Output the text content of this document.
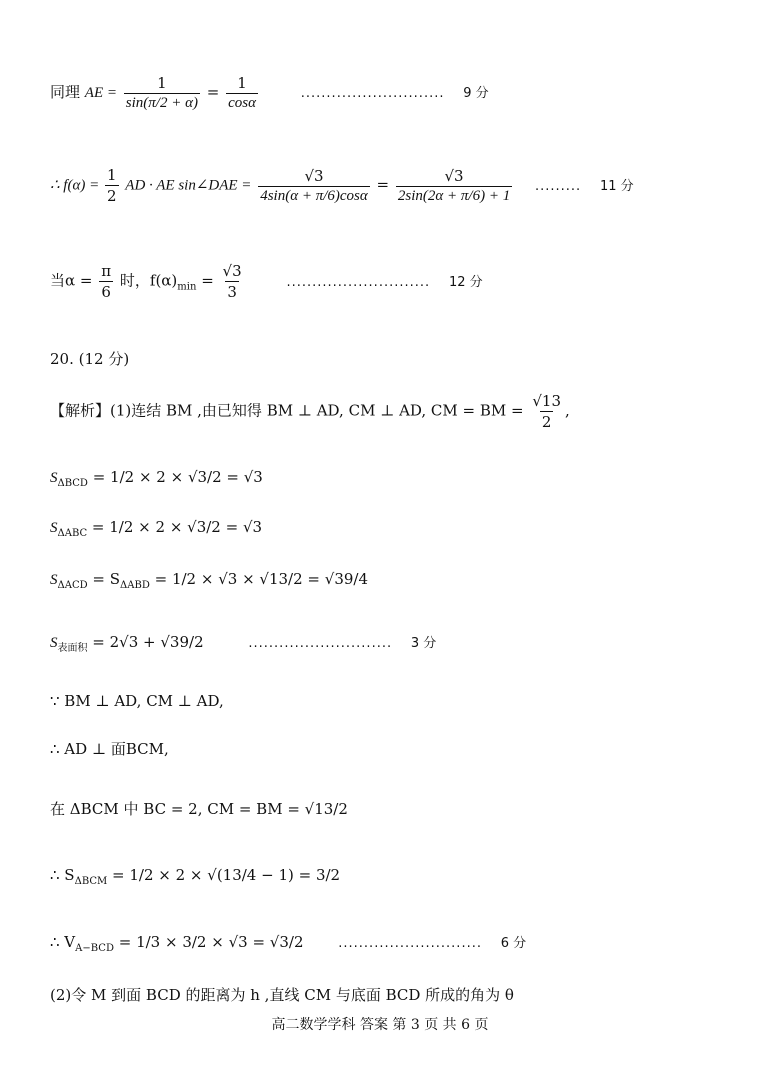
同理 AE = $\frac{1}{\sin(\pi/2 + \alpha)} = \frac{1}{\cos\alpha}$	............................ 9 分
∴ $f(\alpha) = \frac{1}{2}$ AD · AE sin∠DAE = $\frac{√3}{4\sin(\alpha + \pi/6)\cos\alpha} = \frac{√3}{2\sin(2\alpha + \pi/6) + 1}$ ......... 11 分
当$\alpha = \frac{\pi}{6}$ 时，$f(\alpha)_{min} = \frac{√3}{3}$	............................ 12 分
20. (12 分)
【解析】(1)连结 BM ,由已知得 BM ⊥ AD, CM ⊥ AD, CM = BM = $\frac{√13}{2}$ ,
$S_{\Delta BCD} = 1/2 \times 2 \times √3/2 = √3$
$S_{\Delta ABC} = 1/2 \times 2 \times √3/2 = √3$
$S_{\Delta ACD} = S_{\Delta ABD} = 1/2 \times √3 \times √13/2 = √39/4$
$S_{表面积} = 2√3 + √39/2$	............................ 3 分
∵ BM ⊥ AD, CM ⊥ AD,
∴ AD ⊥ 面BCM,
在 ΔBCM 中 BC = 2, CM = BM = √13/2
∴ $S_{\Delta BCM} = 1/2 \times 2 \times √(13/4 - 1) = 3/2$
∴ $V_{A-BCD} = 1/3 \times 3/2 \times √3 = √3/2$	............................ 6 分
(2)令 M 到面 BCD 的距离为 h ,直线 CM 与底面 BCD 所成的角为 θ
高二数学学科 答案 第 3 页 共 6 页
